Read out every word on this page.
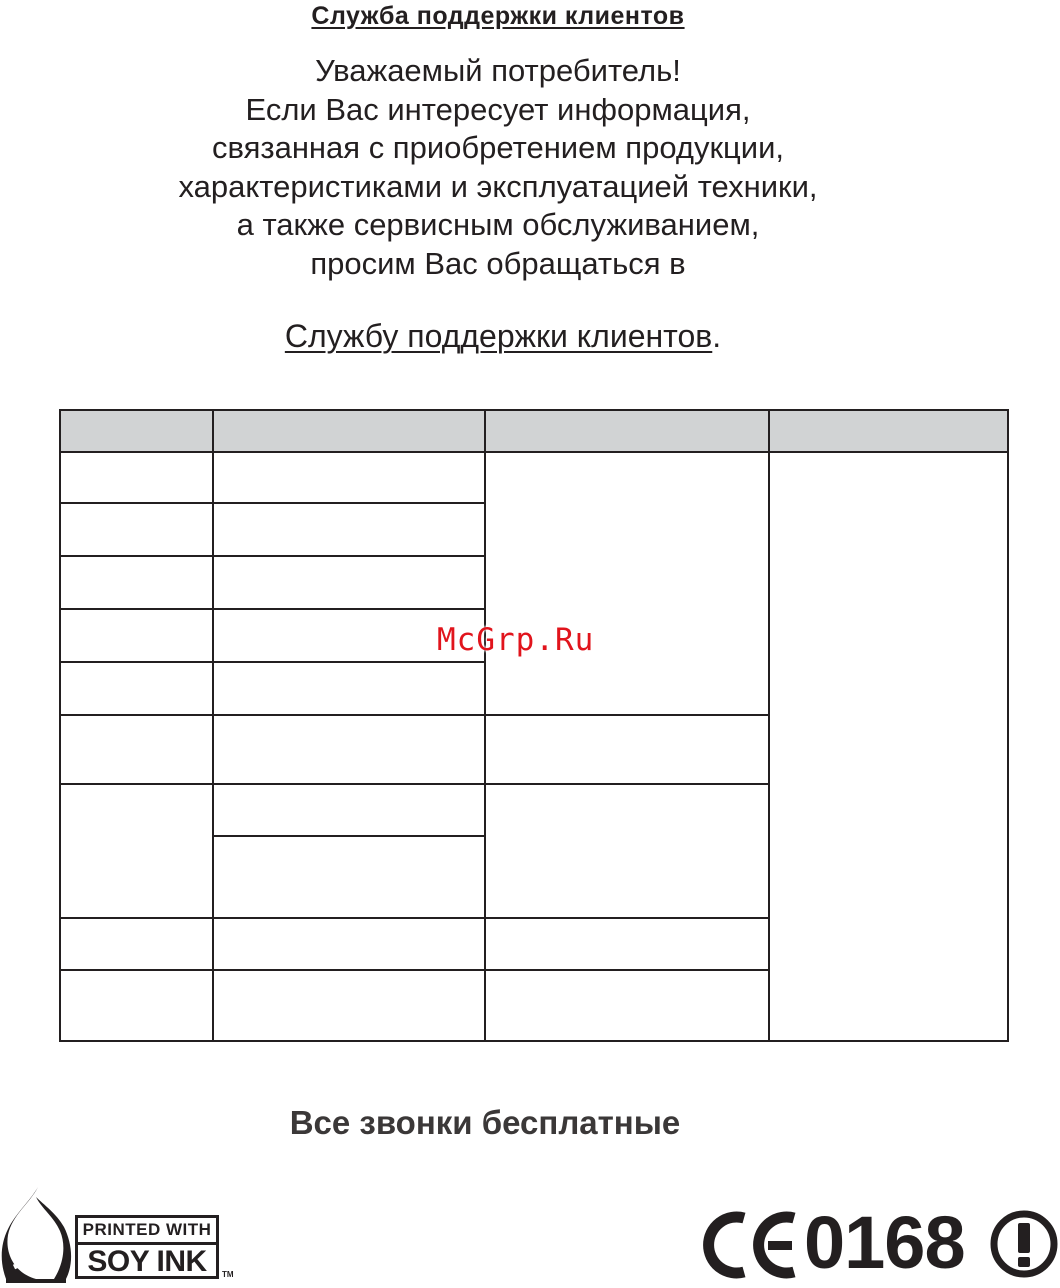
Служба поддержки клиентов
Уважаемый потребитель!
Если Вас интересует информация,
связанная с приобретением продукции,
характеристиками и эксплуатацией техники,
а также сервисным обслуживанием,
просим Вас обращаться в
Службу поддержки клиентов.
McGrp.Ru
Все звонки бесплатные
PRINTED WITH
SOY INK	TM	0168
